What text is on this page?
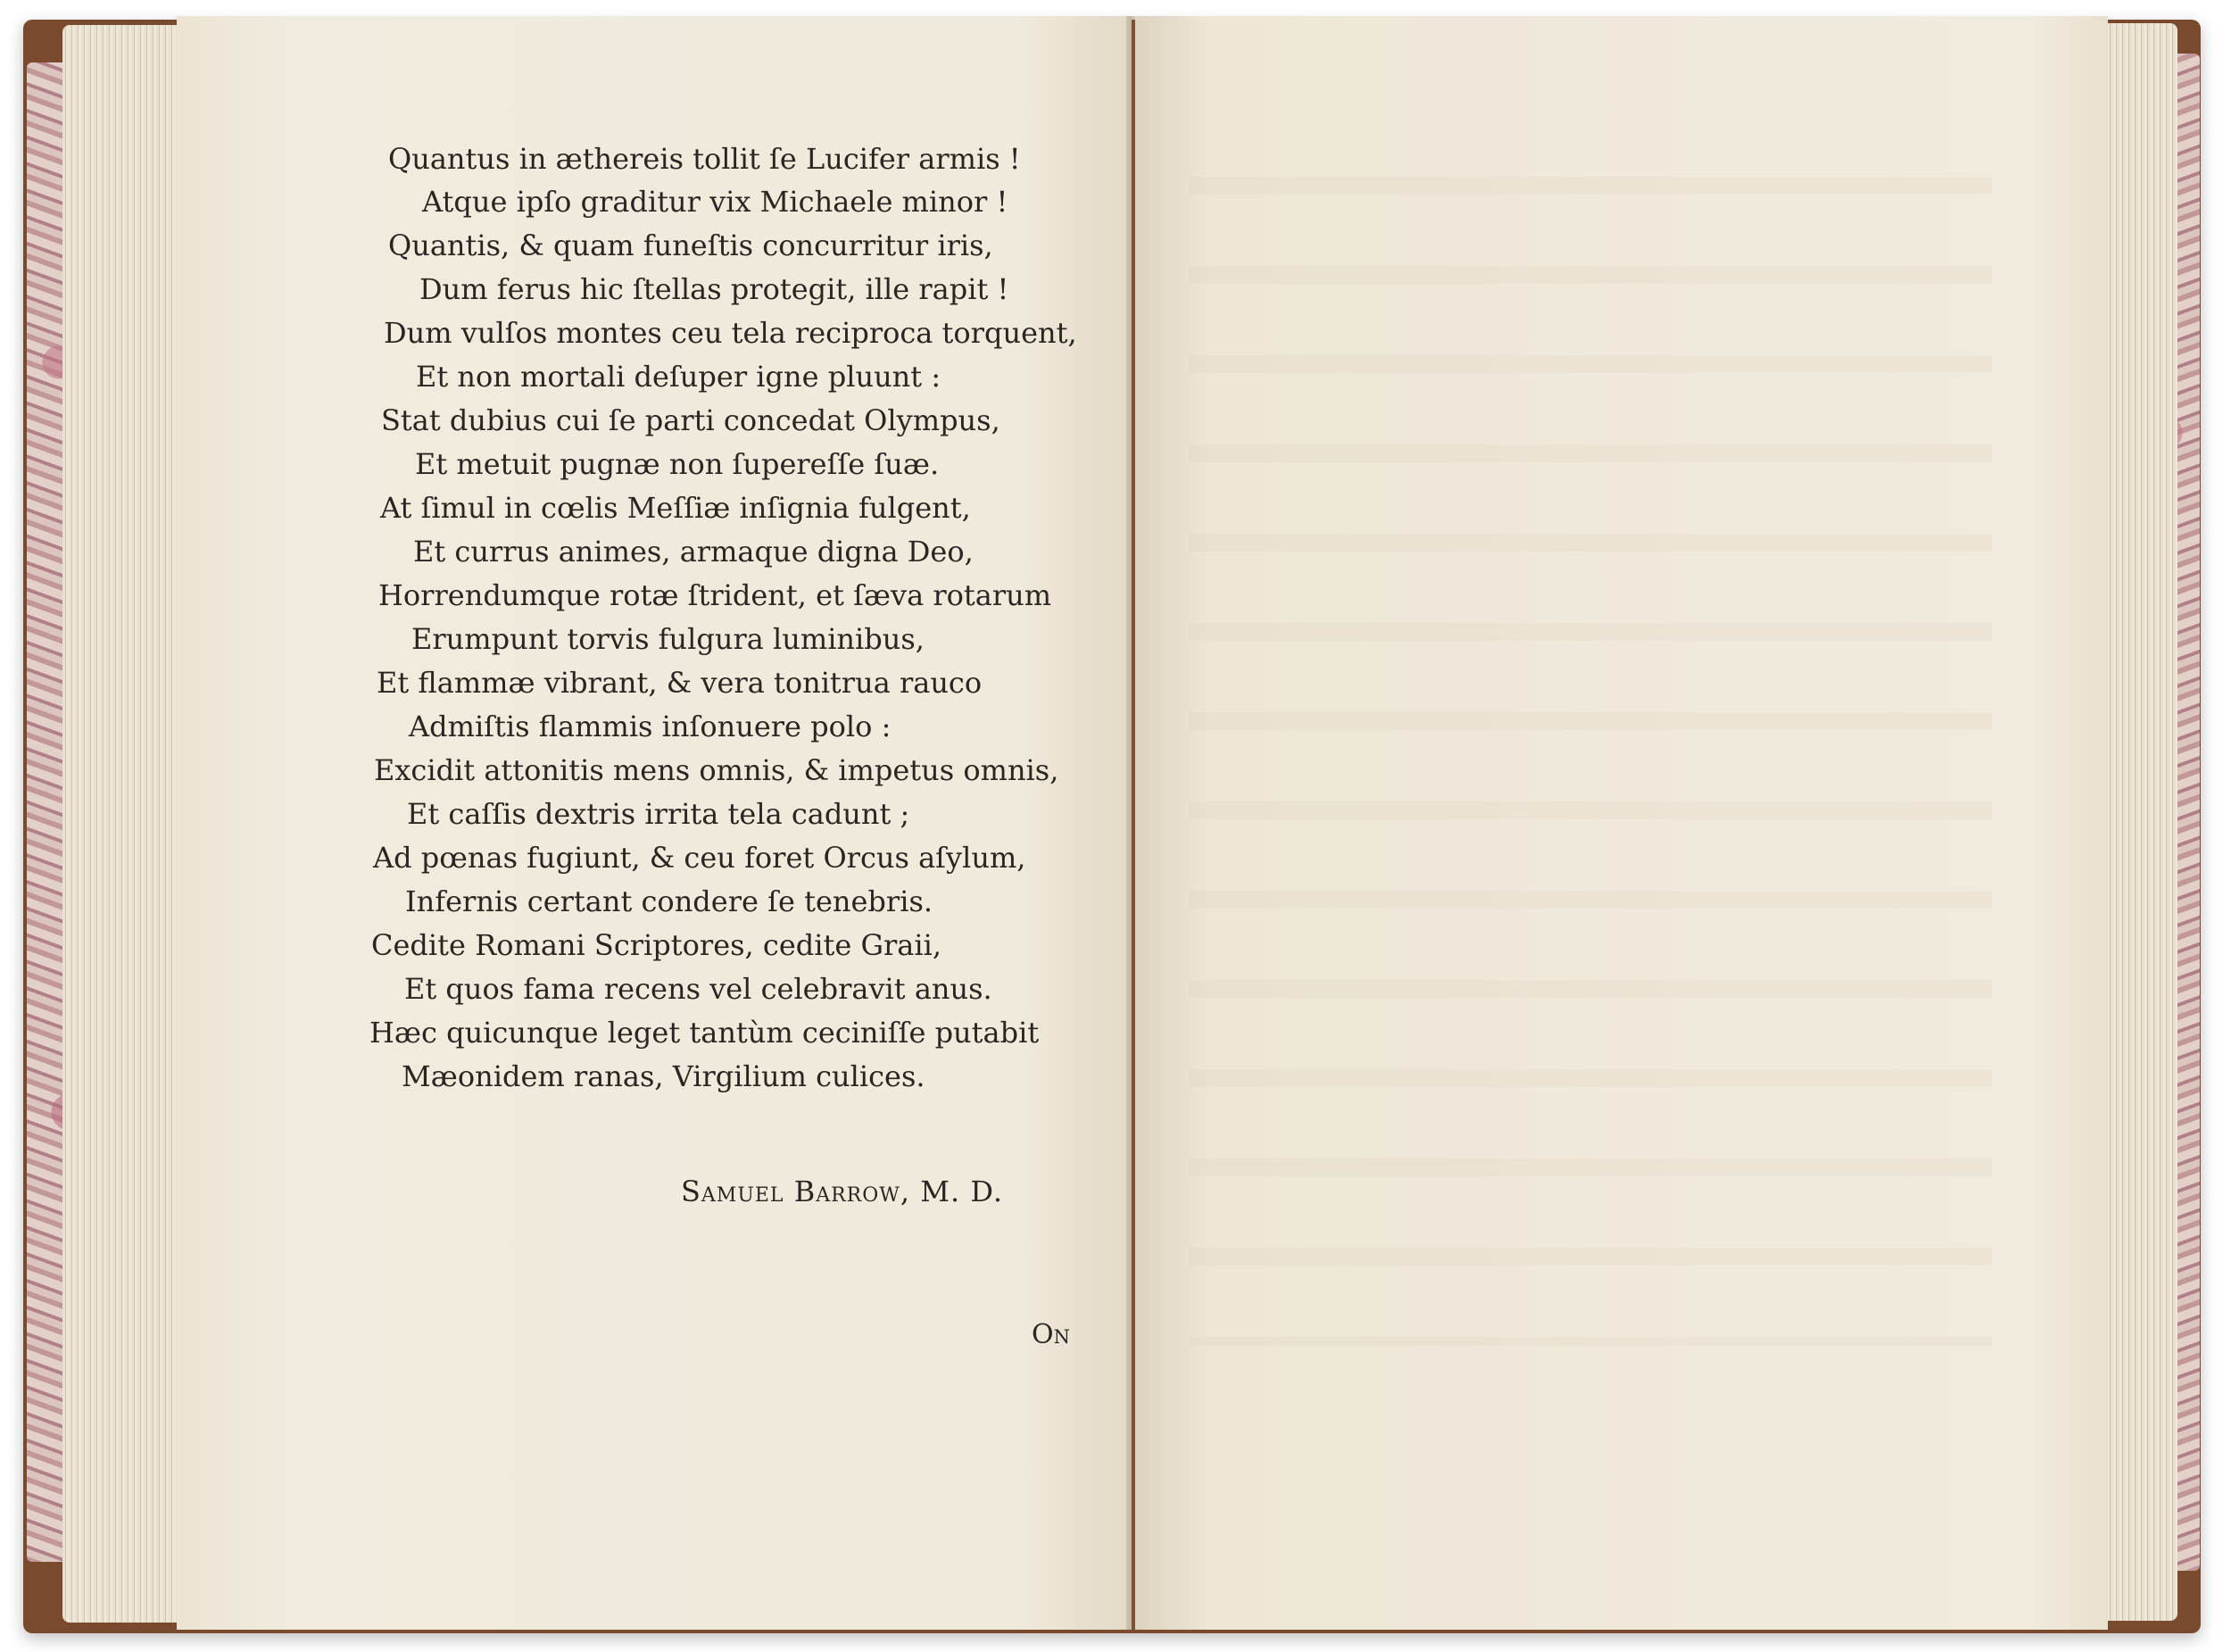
Quantus in æthereis tollit ſe Lucifer armis !
Atque ipſo graditur vix Michaele minor !
Quantis, & quam funeſtis concurritur iris,
Dum ferus hic ſtellas protegit, ille rapit !
Dum vulſos montes ceu tela reciproca torquent,
Et non mortali deſuper igne pluunt :
Stat dubius cui ſe parti concedat Olympus,
Et metuit pugnæ non ſupereſſe ſuæ.
At ſimul in cœlis Meſſiæ inſignia fulgent,
Et currus animes, armaque digna Deo,
Horrendumque rotæ ſtrident, et ſæva rotarum
Erumpunt torvis fulgura luminibus,
Et flammæ vibrant, & vera tonitrua rauco
Admiſtis flammis inſonuere polo :
Excidit attonitis mens omnis, & impetus omnis,
Et caſſis dextris irrita tela cadunt ;
Ad pœnas fugiunt, & ceu foret Orcus aſylum,
Infernis certant condere ſe tenebris.
Cedite Romani Scriptores, cedite Graii,
Et quos fama recens vel celebravit anus.
Hæc quicunque leget tantùm ceciniſſe putabit
Mæonidem ranas, Virgilium culices.
Samuel Barrow, M. D.
On
